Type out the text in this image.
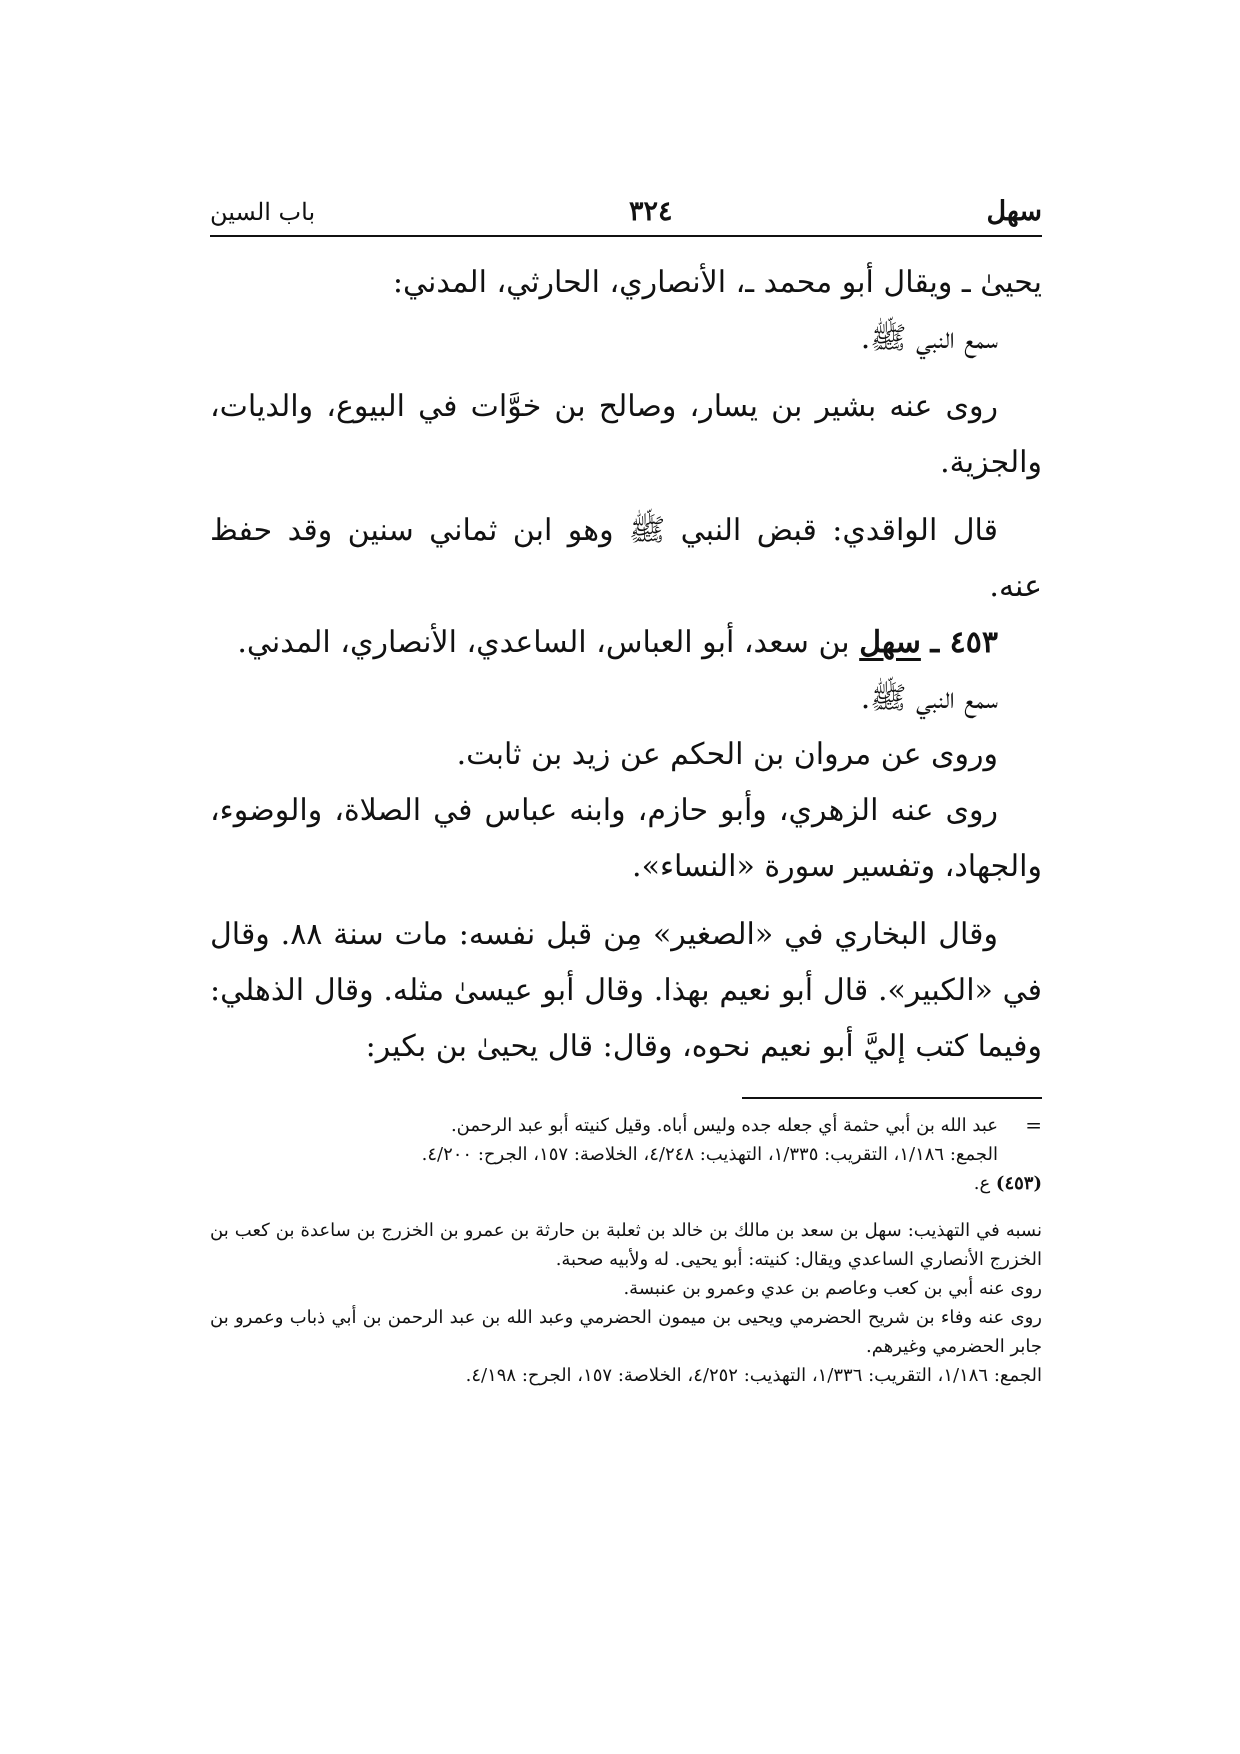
سهل
٣٢٤
باب السين

يحيىٰ ـ ويقال أبو محمد ـ، الأنصاري، الحارثي، المدني:

سمع النبي ﷺ.

روى عنه بشير بن يسار، وصالح بن خوَّات في البيوع، والديات، والجزية.

قال الواقدي: قبض النبي ﷺ وهو ابن ثماني سنين وقد حفظ عنه.

٤٥٣ ـ سهل بن سعد، أبو العباس، الساعدي، الأنصاري، المدني.

سمع النبي ﷺ.

وروى عن مروان بن الحكم عن زيد بن ثابت.

روى عنه الزهري، وأبو حازم، وابنه عباس في الصلاة، والوضوء، والجهاد، وتفسير سورة «النساء».

وقال البخاري في «الصغير» مِن قبل نفسه: مات سنة ٨٨. وقال في «الكبير». قال أبو نعيم بهذا. وقال أبو عيسىٰ مثله. وقال الذهلي: وفيما كتب إليَّ أبو نعيم نحوه، وقال: قال يحيىٰ بن بكير:

=
عبد الله بن أبي حثمة أي جعله جده وليس أباه. وقيل كنيته أبو عبد الرحمن.

الجمع: ١/١٨٦، التقريب: ١/٣٣٥، التهذيب: ٤/٢٤٨، الخلاصة: ١٥٧، الجرح: ٤/٢٠٠.

(٤٥٣) ع.

نسبه في التهذيب: سهل بن سعد بن مالك بن خالد بن ثعلبة بن حارثة بن عمرو بن الخزرج بن ساعدة بن كعب بن الخزرج الأنصاري الساعدي ويقال: كنيته: أبو يحيى. له ولأبيه صحبة.

روى عنه أبي بن كعب وعاصم بن عدي وعمرو بن عنبسة.

روى عنه وفاء بن شريح الحضرمي ويحيى بن ميمون الحضرمي وعبد الله بن عبد الرحمن بن أبي ذباب وعمرو بن جابر الحضرمي وغيرهم.

الجمع: ١/١٨٦، التقريب: ١/٣٣٦، التهذيب: ٤/٢٥٢، الخلاصة: ١٥٧، الجرح: ٤/١٩٨.
